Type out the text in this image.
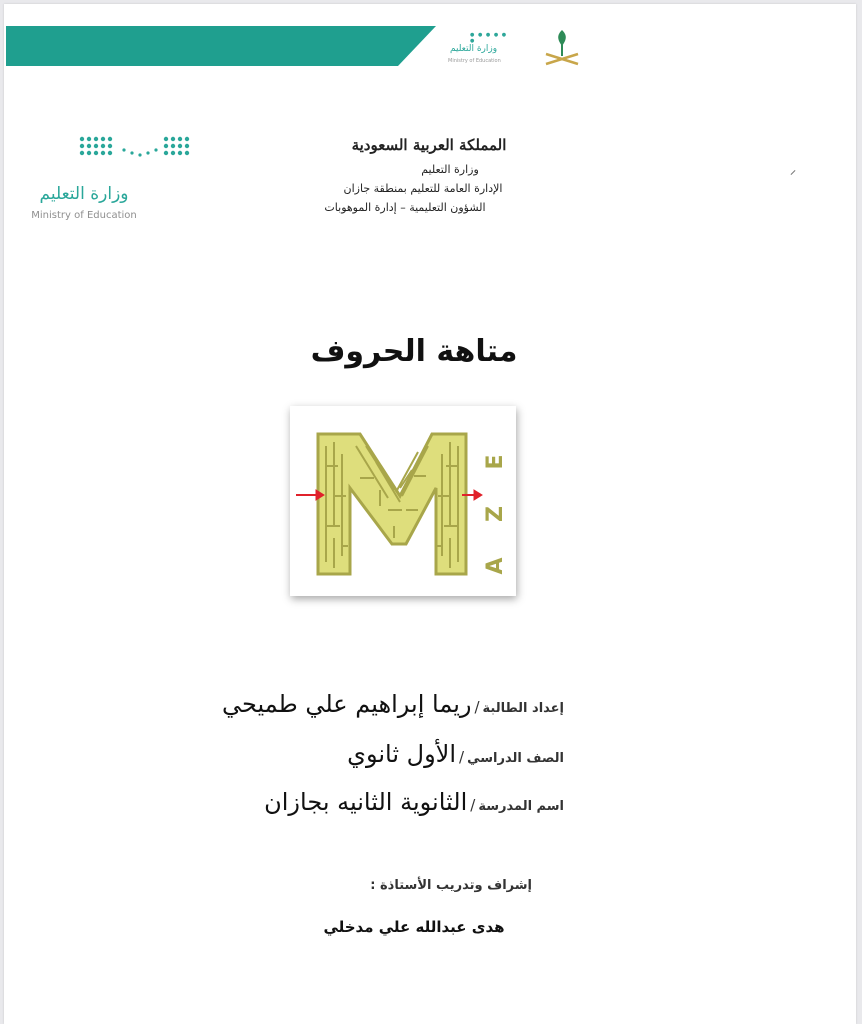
● ● ● ● ● ●
وزارة التعليم
Ministry of Education
وزارة التعليم
Ministry of Education
المملكة العربية السعودية
وزارة التعليم
الإدارة العامة للتعليم بمنطقة جازان
الشؤون التعليمية – إدارة الموهوبات
متاهة الحروف
E
Z
A
إعداد الطالبة/ريما إبراهيم علي طميحي
الصف الدراسي/الأول ثانوي
اسم المدرسة/الثانوية الثانيه بجازان
إشراف وتدريب الأستاذة :
هدى عبدالله علي مدخلي
